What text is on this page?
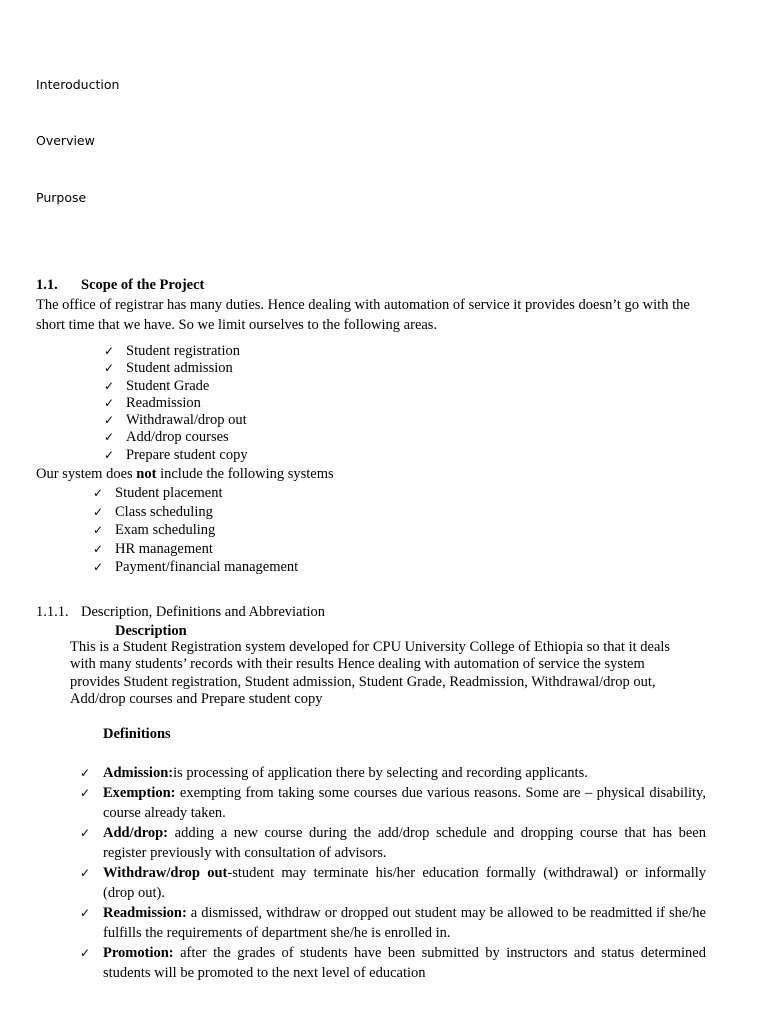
Interoduction
Overview
Purpose
1.1. Scope of the Project
The office of registrar has many duties. Hence dealing with automation of service it provides doesn’t go with the short time that we have. So we limit ourselves to the following areas.
✓ Student registration
✓ Student admission
✓ Student Grade
✓ Readmission
✓ Withdrawal/drop out
✓ Add/drop courses
✓ Prepare student copy
Our system does not include the following systems
✓ Student placement
✓ Class scheduling
✓ Exam scheduling
✓ HR management
✓ Payment/financial management
1.1.1. Description, Definitions and Abbreviation
Description
This is a Student Registration system developed for CPU University College of Ethiopia so that it deals with many students’ records with their results Hence dealing with automation of service the system provides Student registration, Student admission, Student Grade, Readmission, Withdrawal/drop out, Add/drop courses and Prepare student copy
Definitions
✓ Admission:is processing of application there by selecting and recording applicants.
✓ Exemption: exempting from taking some courses due various reasons. Some are – physical disability, course already taken.
✓ Add/drop: adding a new course during the add/drop schedule and dropping course that has been register previously with consultation of advisors.
✓ Withdraw/drop out-student may terminate his/her education formally (withdrawal) or informally (drop out).
✓ Readmission: a dismissed, withdraw or dropped out student may be allowed to be readmitted if she/he fulfills the requirements of department she/he is enrolled in.
✓ Promotion: after the grades of students have been submitted by instructors and status determined students will be promoted to the next level of education
